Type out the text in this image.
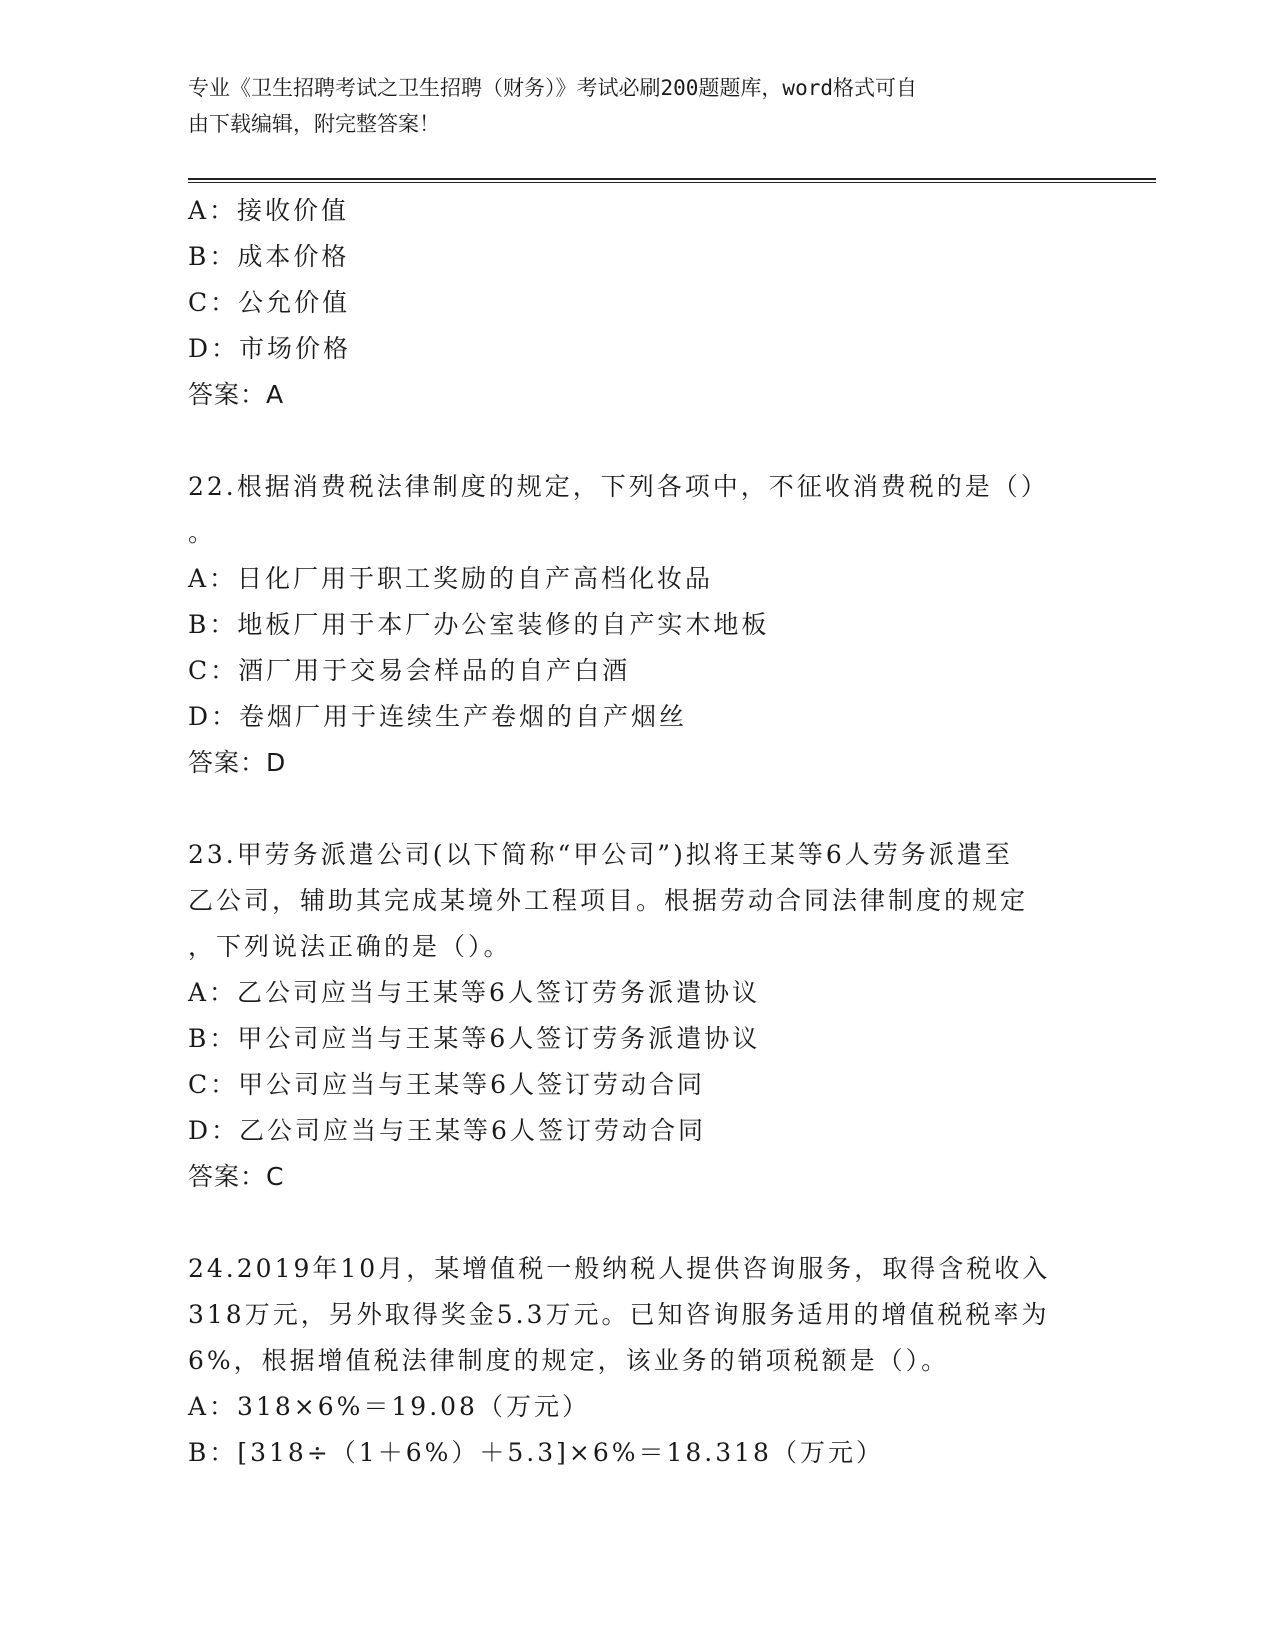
专业《卫生招聘考试之卫生招聘（财务）》考试必刷200题题库，word格式可自
由下载编辑，附完整答案！
A：接收价值
B：成本价格
C：公允价值
D：市场价格
答案：A
22.根据消费税法律制度的规定，下列各项中，不征收消费税的是（）
。
A：日化厂用于职工奖励的自产高档化妆品
B：地板厂用于本厂办公室装修的自产实木地板
C：酒厂用于交易会样品的自产白酒
D：卷烟厂用于连续生产卷烟的自产烟丝
答案：D
23.甲劳务派遣公司(以下简称“甲公司”)拟将王某等6人劳务派遣至
乙公司，辅助其完成某境外工程项目。根据劳动合同法律制度的规定
，下列说法正确的是（）。
A：乙公司应当与王某等6人签订劳务派遣协议
B：甲公司应当与王某等6人签订劳务派遣协议
C：甲公司应当与王某等6人签订劳动合同
D：乙公司应当与王某等6人签订劳动合同
答案：C
24.2019年10月，某增值税一般纳税人提供咨询服务，取得含税收入
318万元，另外取得奖金5.3万元。已知咨询服务适用的增值税税率为
6%，根据增值税法律制度的规定，该业务的销项税额是（）。
A：318×6%＝19.08（万元）
B：[318÷（1＋6%）＋5.3]×6%＝18.318（万元）
